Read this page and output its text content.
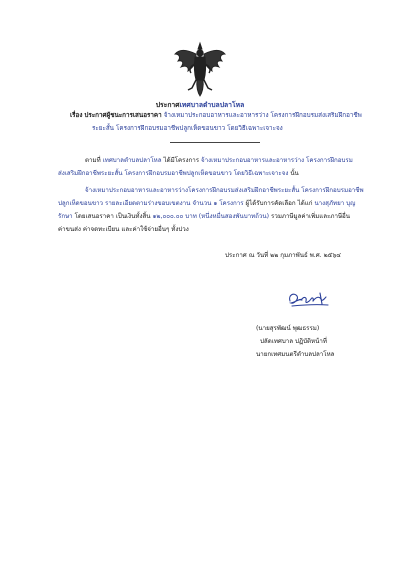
ประกาศเทศบาลตำบลปลาโหล
เรื่อง ประกาศผู้ชนะการเสนอราคา จ้างเหมาประกอบอาหารและอาหารว่าง โครงการฝึกอบรมส่งเสริมฝึกอาชีพ
ระยะสั้น โครงการฝึกอบรมอาชีพปลูกเห็ดขอนขาว โดยวิธีเฉพาะเจาะจง
ตามที่ เทศบาลตำบลปลาโหล ได้มีโครงการ จ้างเหมาประกอบอาหารและอาหารว่าง โครงการฝึกอบรม
ส่งเสริมฝึกอาชีพระยะสั้น โครงการฝึกอบรมอาชีพปลูกเห็ดขอนขาว โดยวิธีเฉพาะเจาะจง นั้น
จ้างเหมาประกอบอาหารและอาหารว่างโครงการฝึกอบรมส่งเสริมฝึกอาชีพระยะสั้น โครงการฝึกอบรมอาชีพ
ปลูกเห็ดขอนขาว รายละเอียดตามร่างขอบเขตงาน จำนวน ๑ โครงการ ผู้ได้รับการคัดเลือก ได้แก่ นางสุภัทยา บุญ
รักษา โดยเสนอราคา เป็นเงินทั้งสิ้น ๑๒,๐๐๐.๐๐ บาท (หนึ่งหมื่นสองพันบาทถ้วน) รวมภาษีมูลค่าเพิ่มและภาษีอื่น
ค่าขนส่ง ค่าจดทะเบียน และค่าใช้จ่ายอื่นๆ ทั้งปวง
ประกาศ ณ วันที่ ๒๒ กุมภาพันธ์ พ.ศ. ๒๕๖๔
(นายสุรพัฒน์ พุฒธรรม)
ปลัดเทศบาล ปฏิบัติหน้าที่
นายกเทศมนตรีตำบลปลาโหล
